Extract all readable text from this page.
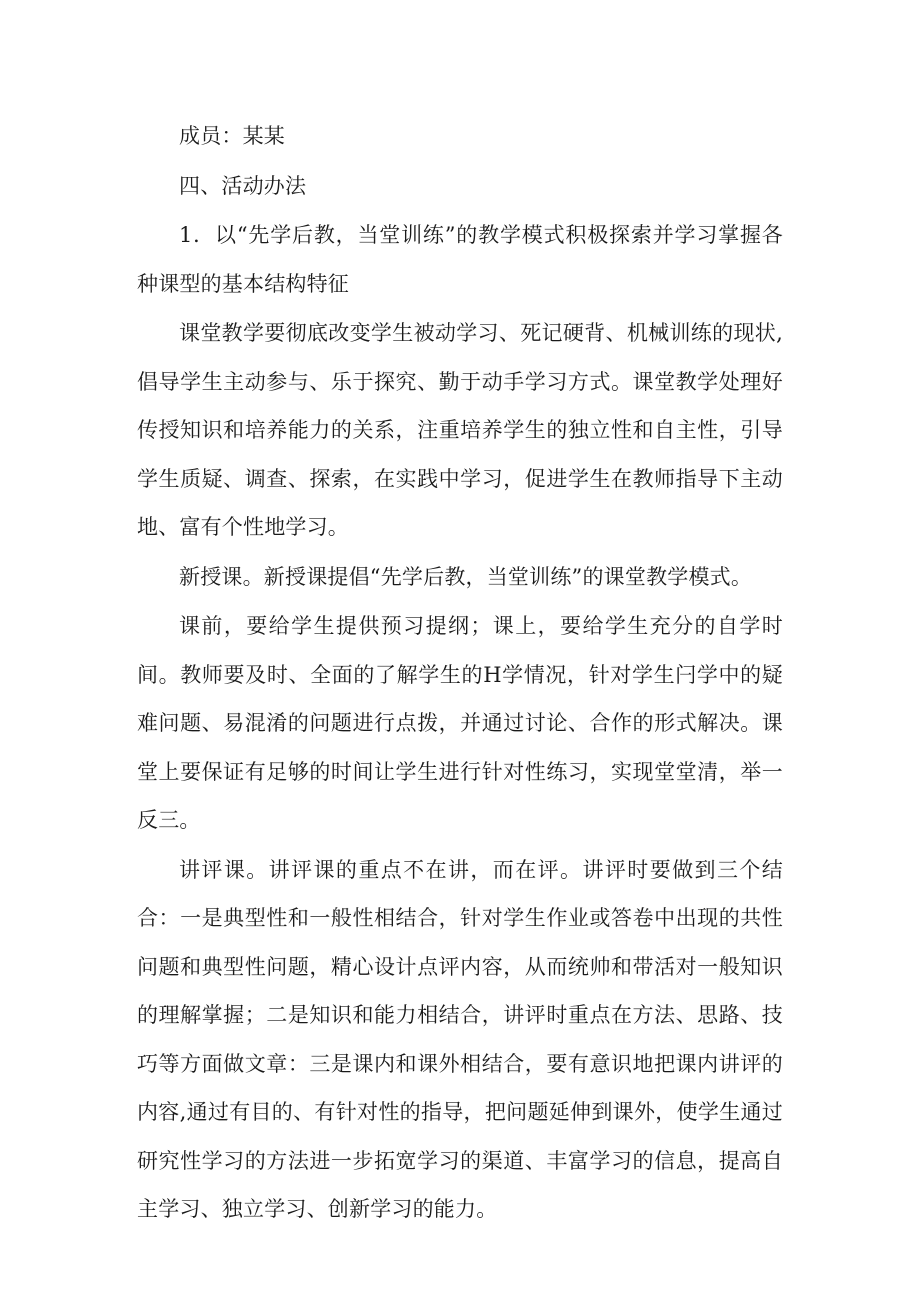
成员：某某

四、活动办法

1．以“先学后教，当堂训练”的教学模式积极探索并学习掌握各种课型的基本结构特征

课堂教学要彻底改变学生被动学习、死记硬背、机械训练的现状,倡导学生主动参与、乐于探究、勤于动手学习方式。课堂教学处理好传授知识和培养能力的关系，注重培养学生的独立性和自主性，引导学生质疑、调查、探索，在实践中学习，促进学生在教师指导下主动地、富有个性地学习。

新授课。新授课提倡“先学后教，当堂训练”的课堂教学模式。

课前，要给学生提供预习提纲；课上，要给学生充分的自学时间。教师要及时、全面的了解学生的H学情况，针对学生闩学中的疑难问题、易混淆的问题进行点拨，并通过讨论、合作的形式解决。课堂上要保证有足够的时间让学生进行针对性练习，实现堂堂清，举一反三。

讲评课。讲评课的重点不在讲，而在评。讲评时要做到三个结合：一是典型性和一般性相结合，针对学生作业或答卷中出现的共性问题和典型性问题，精心设计点评内容，从而统帅和带活对一般知识的理解掌握；二是知识和能力相结合，讲评时重点在方法、思路、技巧等方面做文章：三是课内和课外相结合，要有意识地把课内讲评的内容,通过有目的、有针对性的指导，把问题延伸到课外，使学生通过研究性学习的方法进一步拓宽学习的渠道、丰富学习的信息，提高自主学习、独立学习、创新学习的能力。
